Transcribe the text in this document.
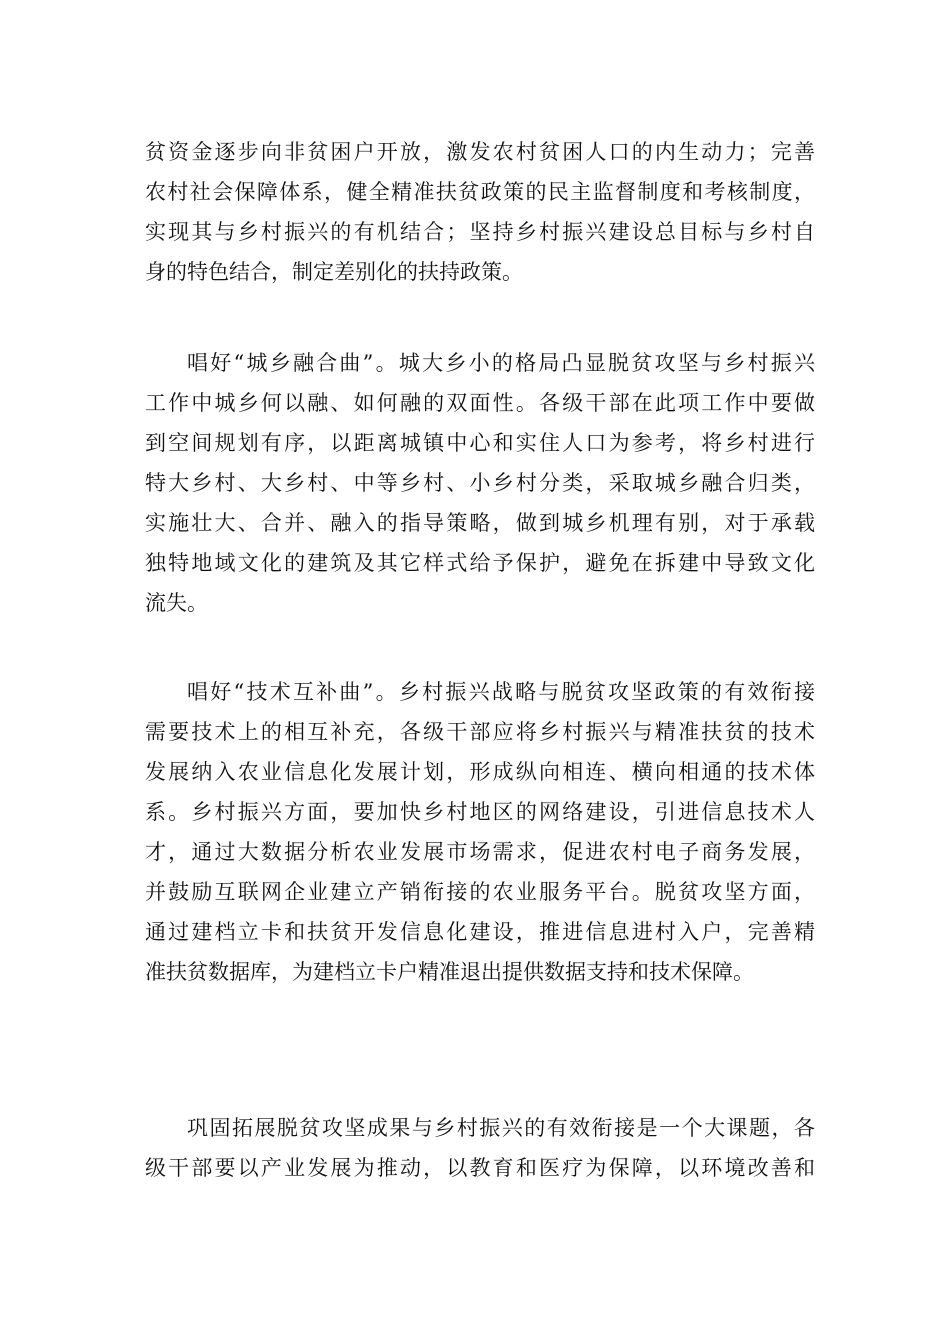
贫资金逐步向非贫困户开放，激发农村贫困人口的内生动力；完善
农村社会保障体系，健全精准扶贫政策的民主监督制度和考核制度，
实现其与乡村振兴的有机结合；坚持乡村振兴建设总目标与乡村自
身的特色结合，制定差别化的扶持政策。
唱好“城乡融合曲”。城大乡小的格局凸显脱贫攻坚与乡村振兴
工作中城乡何以融、如何融的双面性。各级干部在此项工作中要做
到空间规划有序，以距离城镇中心和实住人口为参考，将乡村进行
特大乡村、大乡村、中等乡村、小乡村分类，采取城乡融合归类，
实施壮大、合并、融入的指导策略，做到城乡机理有别，对于承载
独特地域文化的建筑及其它样式给予保护，避免在拆建中导致文化
流失。
唱好“技术互补曲”。乡村振兴战略与脱贫攻坚政策的有效衔接
需要技术上的相互补充，各级干部应将乡村振兴与精准扶贫的技术
发展纳入农业信息化发展计划，形成纵向相连、横向相通的技术体
系。乡村振兴方面，要加快乡村地区的网络建设，引进信息技术人
才，通过大数据分析农业发展市场需求，促进农村电子商务发展，
并鼓励互联网企业建立产销衔接的农业服务平台。脱贫攻坚方面，
通过建档立卡和扶贫开发信息化建设，推进信息进村入户，完善精
准扶贫数据库，为建档立卡户精准退出提供数据支持和技术保障。
巩固拓展脱贫攻坚成果与乡村振兴的有效衔接是一个大课题，各
级干部要以产业发展为推动，以教育和医疗为保障，以环境改善和
